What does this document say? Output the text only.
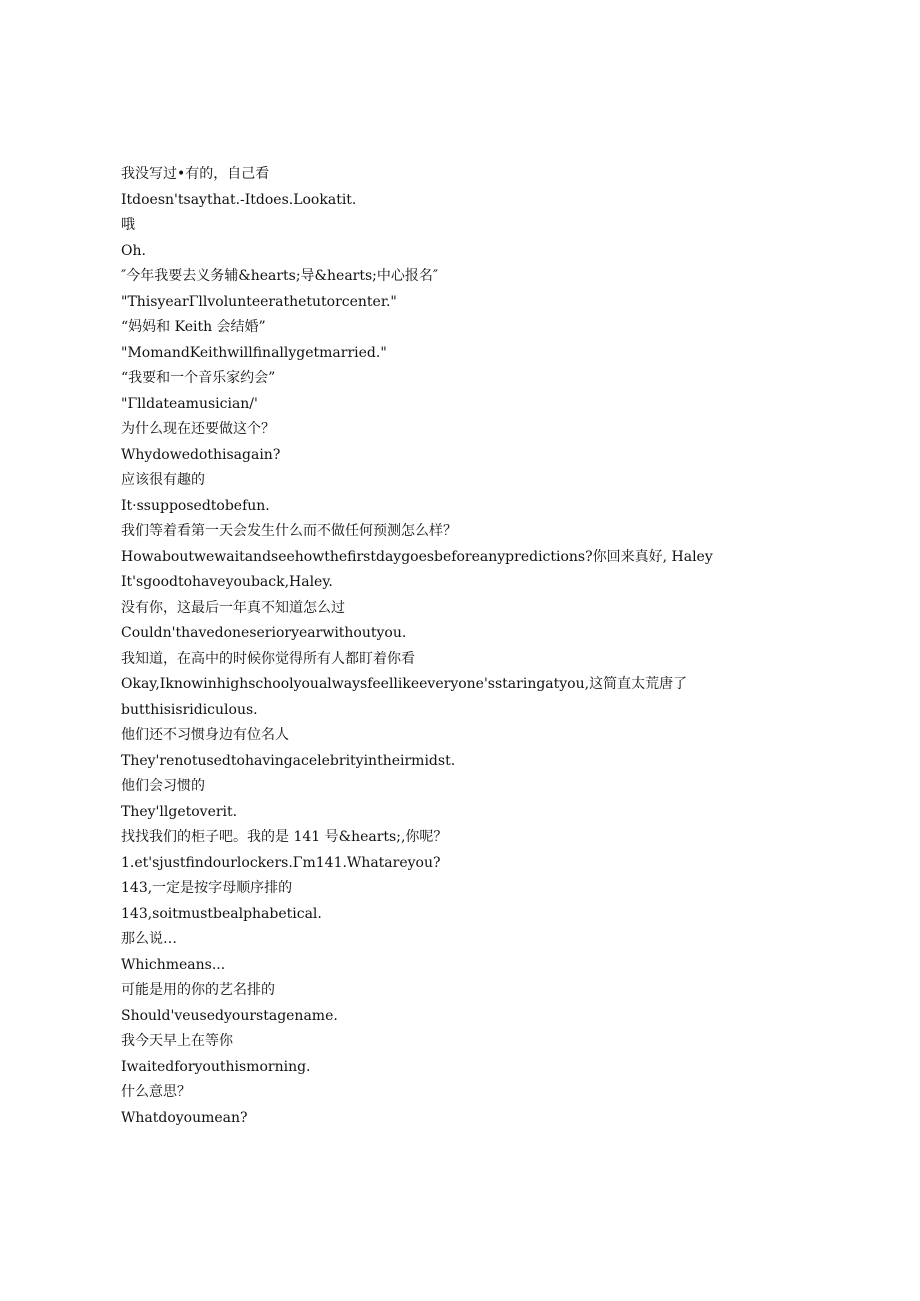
我没写过•有的，自己看
Itdoesn'tsaythat.-Itdoes.Lookatit.
哦
Oh.
″今年我要去义务辅&hearts;导&hearts;中心报名″
"ThisyearΓllvolunteerathetutorcenter."
“妈妈和 Keith 会结婚”
"MomandKeithwillfinallygetmarried."
“我要和一个音乐家约会”
"Γlldateamusician/'
为什么现在还要做这个？
Whydowedothisagain?
应该很有趣的
It·ssupposedtobefun.
我们等着看第一天会发生什么而不做任何预测怎么样？
Howaboutwewaitandseehowthefirstdaygoesbeforeanypredictions?你回来真好, Haley
It'sgoodtohaveyouback,Haley.
没有你，这最后一年真不知道怎么过
Couldn'thavedoneserioryearwithoutyou.
我知道，在高中的时候你觉得所有人都盯着你看
Okay,Iknowinhighschoolyoualwaysfeellikeeveryone'sstaringatyou,这简直太荒唐了
butthisisridiculous.
他们还不习惯身边有位名人
They'renotusedtohavingacelebrityintheirmidst.
他们会习惯的
They'llgetoverit.
找找我们的柜子吧。我的是 141 号&hearts;,你呢？
1.et'sjustfindourlockers.Γm141.Whatareyou?
143,一定是按字母顺序排的
143,soitmustbealphabetical.
那么说…
Whichmeans...
可能是用的你的艺名排的
Should'veusedyourstagename.
我今天早上在等你
Iwaitedforyouthismorning.
什么意思？
Whatdoyoumean?
